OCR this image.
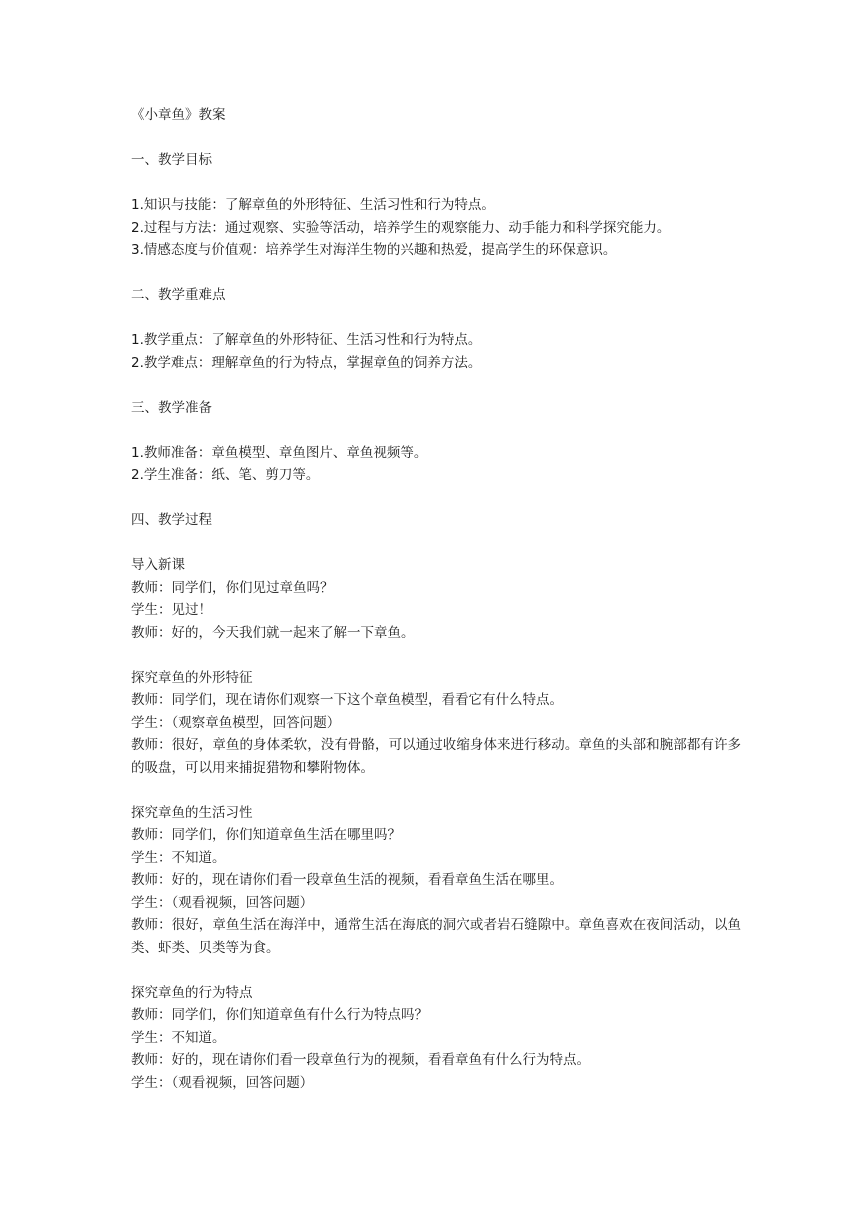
《小章鱼》教案
一、教学目标
1.知识与技能：了解章鱼的外形特征、生活习性和行为特点。
2.过程与方法：通过观察、实验等活动，培养学生的观察能力、动手能力和科学探究能力。
3.情感态度与价值观：培养学生对海洋生物的兴趣和热爱，提高学生的环保意识。
二、教学重难点
1.教学重点：了解章鱼的外形特征、生活习性和行为特点。
2.教学难点：理解章鱼的行为特点，掌握章鱼的饲养方法。
三、教学准备
1.教师准备：章鱼模型、章鱼图片、章鱼视频等。
2.学生准备：纸、笔、剪刀等。
四、教学过程
导入新课
教师：同学们，你们见过章鱼吗？
学生：见过！
教师：好的，今天我们就一起来了解一下章鱼。
探究章鱼的外形特征
教师：同学们，现在请你们观察一下这个章鱼模型，看看它有什么特点。
学生：（观察章鱼模型，回答问题）
教师：很好，章鱼的身体柔软，没有骨骼，可以通过收缩身体来进行移动。章鱼的头部和腕部都有许多的吸盘，可以用来捕捉猎物和攀附物体。
探究章鱼的生活习性
教师：同学们，你们知道章鱼生活在哪里吗？
学生：不知道。
教师：好的，现在请你们看一段章鱼生活的视频，看看章鱼生活在哪里。
学生：（观看视频，回答问题）
教师：很好，章鱼生活在海洋中，通常生活在海底的洞穴或者岩石缝隙中。章鱼喜欢在夜间活动，以鱼类、虾类、贝类等为食。
探究章鱼的行为特点
教师：同学们，你们知道章鱼有什么行为特点吗？
学生：不知道。
教师：好的，现在请你们看一段章鱼行为的视频，看看章鱼有什么行为特点。
学生：（观看视频，回答问题）
